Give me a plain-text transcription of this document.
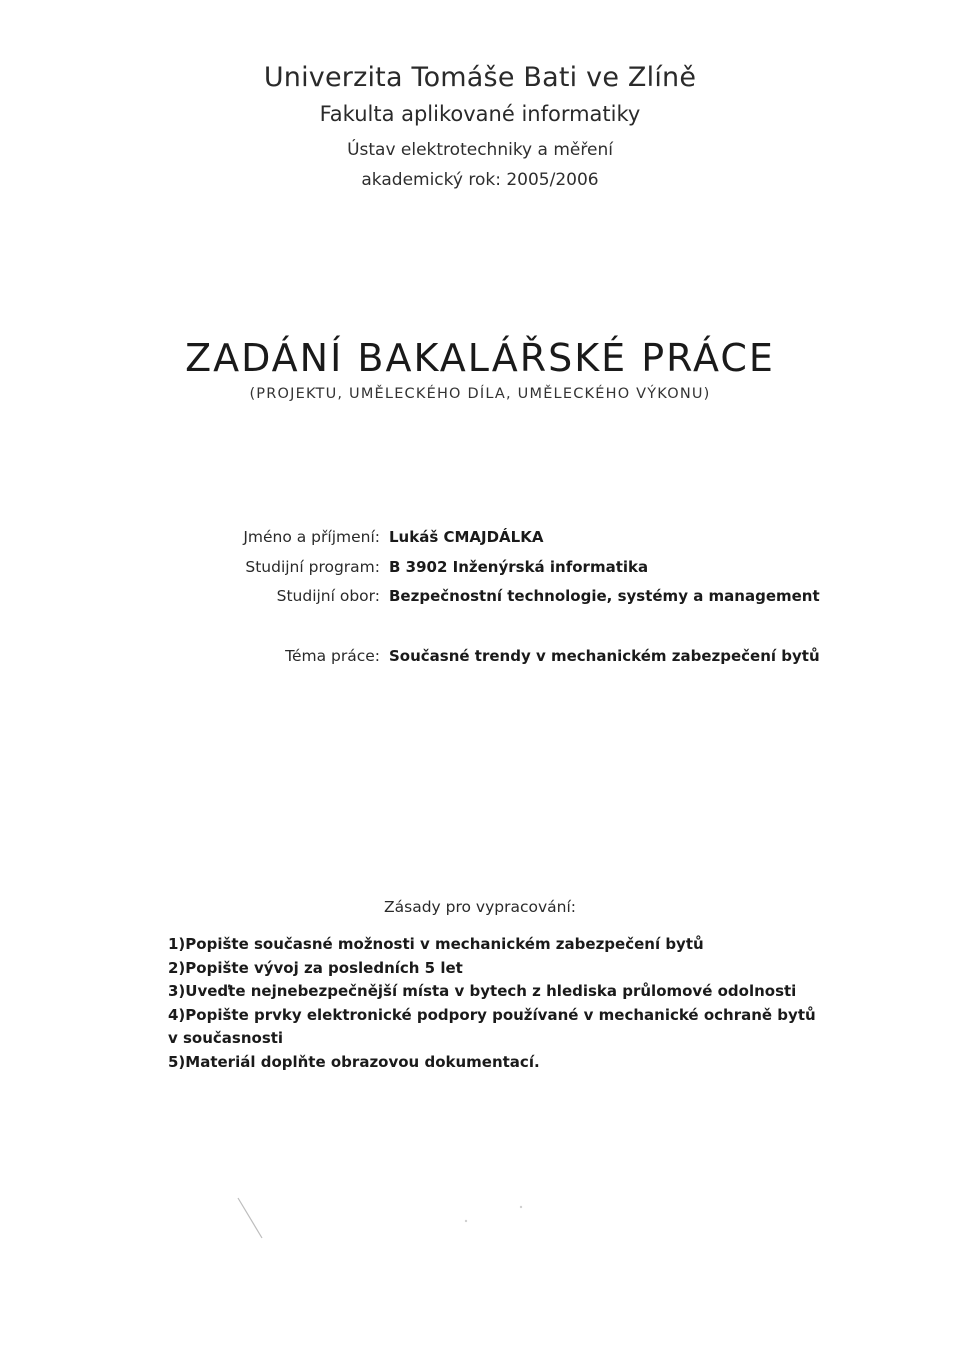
Univerzita Tomáše Bati ve Zlíně
Fakulta aplikované informatiky
Ústav elektrotechniky a měření
akademický rok: 2005/2006
ZADÁNÍ BAKALÁŘSKÉ PRÁCE
(PROJEKTU, UMĚLECKÉHO DÍLA, UMĚLECKÉHO VÝKONU)
Jméno a příjmení: Lukáš CMAJDÁLKA
Studijní program: B 3902 Inženýrská informatika
Studijní obor: Bezpečnostní technologie, systémy a management
Téma práce: Současné trendy v mechanickém zabezpečení bytů
Zásady pro vypracování:
1)Popište současné možnosti v mechanickém zabezpečení bytů
2)Popište vývoj za posledních 5 let
3)Uveďte nejnebezpečnější místa v bytech z hlediska průlomové odolnosti
4)Popište prvky elektronické podpory používané v mechanické ochraně bytů
v současnosti
5)Materiál doplňte obrazovou dokumentací.
